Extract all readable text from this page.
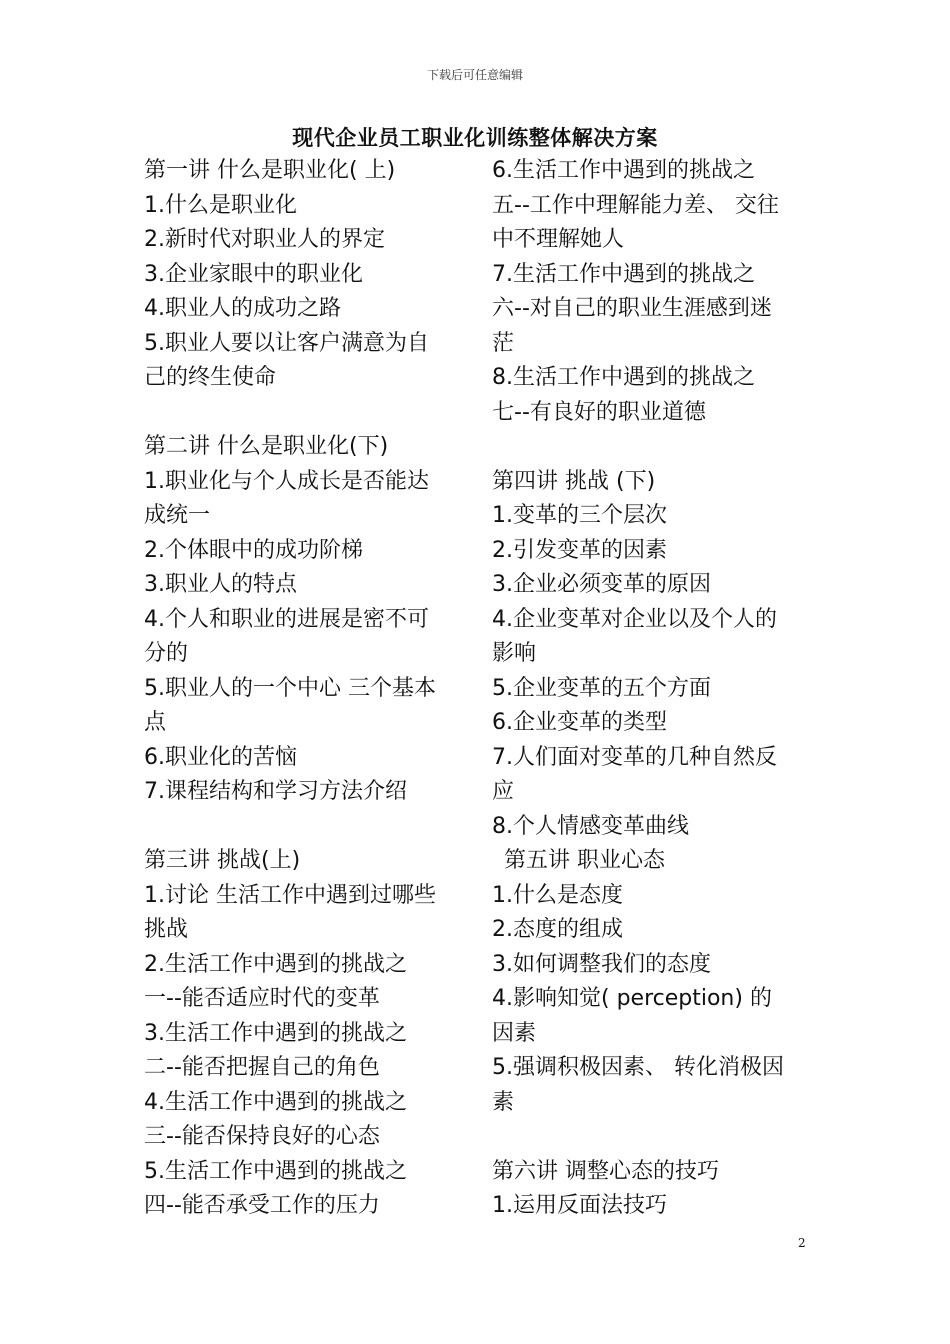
下载后可任意编辑
现代企业员工职业化训练整体解决方案
第一讲 什么是职业化( 上)
1.什么是职业化
2.新时代对职业人的界定
3.企业家眼中的职业化
4.职业人的成功之路
5.职业人要以让客户满意为自
己的终生使命
第二讲 什么是职业化(下)
1.职业化与个人成长是否能达
成统一
2.个体眼中的成功阶梯
3.职业人的特点
4.个人和职业的进展是密不可
分的
5.职业人的一个中心 三个基本
点
6.职业化的苦恼
7.课程结构和学习方法介绍
第三讲 挑战(上)
1.讨论 生活工作中遇到过哪些
挑战
2.生活工作中遇到的挑战之
一--能否适应时代的变革
3.生活工作中遇到的挑战之
二--能否把握自己的角色
4.生活工作中遇到的挑战之
三--能否保持良好的心态
5.生活工作中遇到的挑战之
四--能否承受工作的压力
6.生活工作中遇到的挑战之
五--工作中理解能力差、 交往
中不理解她人
7.生活工作中遇到的挑战之
六--对自己的职业生涯感到迷
茫
8.生活工作中遇到的挑战之
七--有良好的职业道德
第四讲 挑战 (下)
1.变革的三个层次
2.引发变革的因素
3.企业必须变革的原因
4.企业变革对企业以及个人的
影响
5.企业变革的五个方面
6.企业变革的类型
7.人们面对变革的几种自然反
应
8.个人情感变革曲线
第五讲 职业心态
1.什么是态度
2.态度的组成
3.如何调整我们的态度
4.影响知觉( perception) 的
因素
5.强调积极因素、 转化消极因
素
第六讲 调整心态的技巧
1.运用反面法技巧
2
